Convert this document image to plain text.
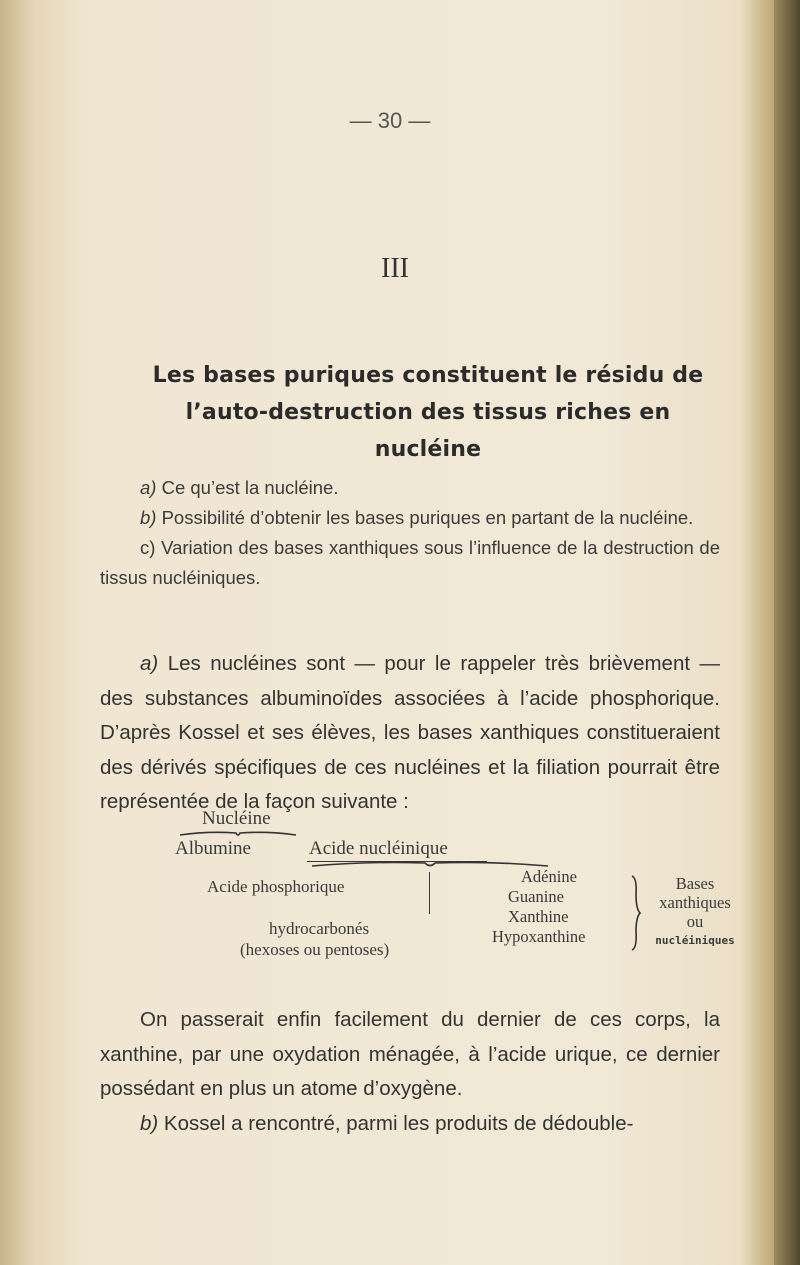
— 30 —
III
Les bases puriques constituent le résidu de l’auto-destruction des tissus riches en nucléine

a) Ce qu’est la nucléine.

b) Possibilité d’obtenir les bases puriques en partant de la nucléine.

c) Variation des bases xanthiques sous l’influence de la destruction de tissus nucléiniques.

a) Les nucléines sont — pour le rappeler très brièvement — des substances albuminoïdes associées à l’acide phosphorique. D’après Kossel et ses élèves, les bases xanthiques constitueraient des dérivés spécifiques de ces nucléines et la filiation pourrait être représentée de la façon suivante :

Nucléine
Albumine	Acide nucléinique
Acide phosphorique
hydrocarbonés
(hexoses ou pentoses)
Adénine
Guanine
Xanthine
Hypoxanthine
Bases
xanthiques
ou
nucléiniques

On passerait enfin facilement du dernier de ces corps, la xanthine, par une oxydation ménagée, à l’acide urique, ce dernier possédant en plus un atome d’oxygène.

b) Kossel a rencontré, parmi les produits de dédouble-
